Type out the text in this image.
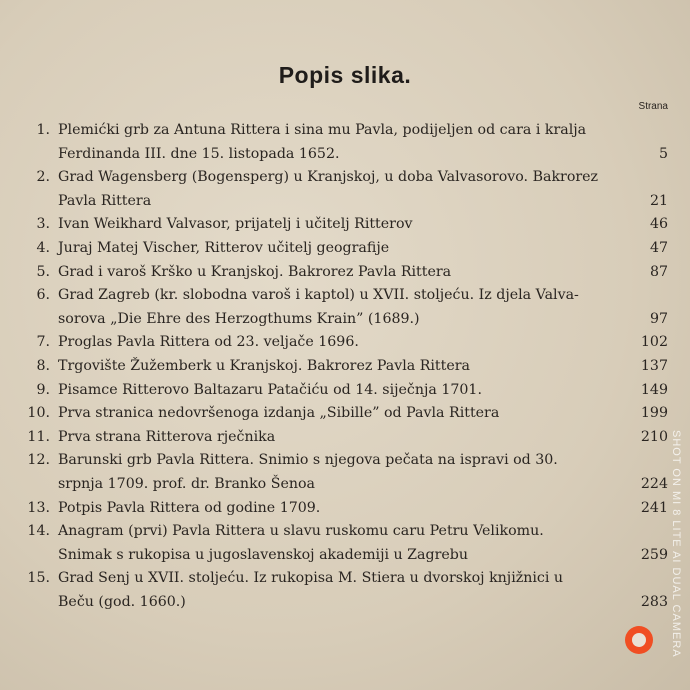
Popis slika.
Strana
1. Plemićki grb za Antuna Rittera i sina mu Pavla, podijeljen od cara i kralja
Ferdinanda III. dne 15. listopada 1652.	5
2. Grad Wagensberg (Bogensperg) u Kranjskoj, u doba Valvasorovo. Bakrorez
Pavla Rittera	21
3. Ivan Weikhard Valvasor, prijatelj i učitelj Ritterov	46
4. Juraj Matej Vischer, Ritterov učitelj geografije	47
5. Grad i varoš Krško u Kranjskoj. Bakrorez Pavla Rittera	87
6. Grad Zagreb (kr. slobodna varoš i kaptol) u XVII. stoljeću. Iz djela Valva-
sorova „Die Ehre des Herzogthums Krain” (1689.)	97
7. Proglas Pavla Rittera od 23. veljače 1696.	102
8. Trgovište Žužemberk u Kranjskoj. Bakrorez Pavla Rittera	137
9. Pisamce Ritterovo Baltazaru Patačiću od 14. siječnja 1701.	149
10. Prva stranica nedovršenoga izdanja „Sibille” od Pavla Rittera	199
11. Prva strana Ritterova rječnika	210
12. Barunski grb Pavla Rittera. Snimio s njegova pečata na ispravi od 30.
srpnja 1709. prof. dr. Branko Šenoa	224
13. Potpis Pavla Rittera od godine 1709.	241
14. Anagram (prvi) Pavla Rittera u slavu ruskomu caru Petru Velikomu.
Snimak s rukopisa u jugoslavenskoj akademiji u Zagrebu	259
15. Grad Senj u XVII. stoljeću. Iz rukopisa M. Stiera u dvorskoj knjižnici u
Beču (god. 1660.)	283 SHOT ON MI 8 LITE AI DUAL CAMERA
